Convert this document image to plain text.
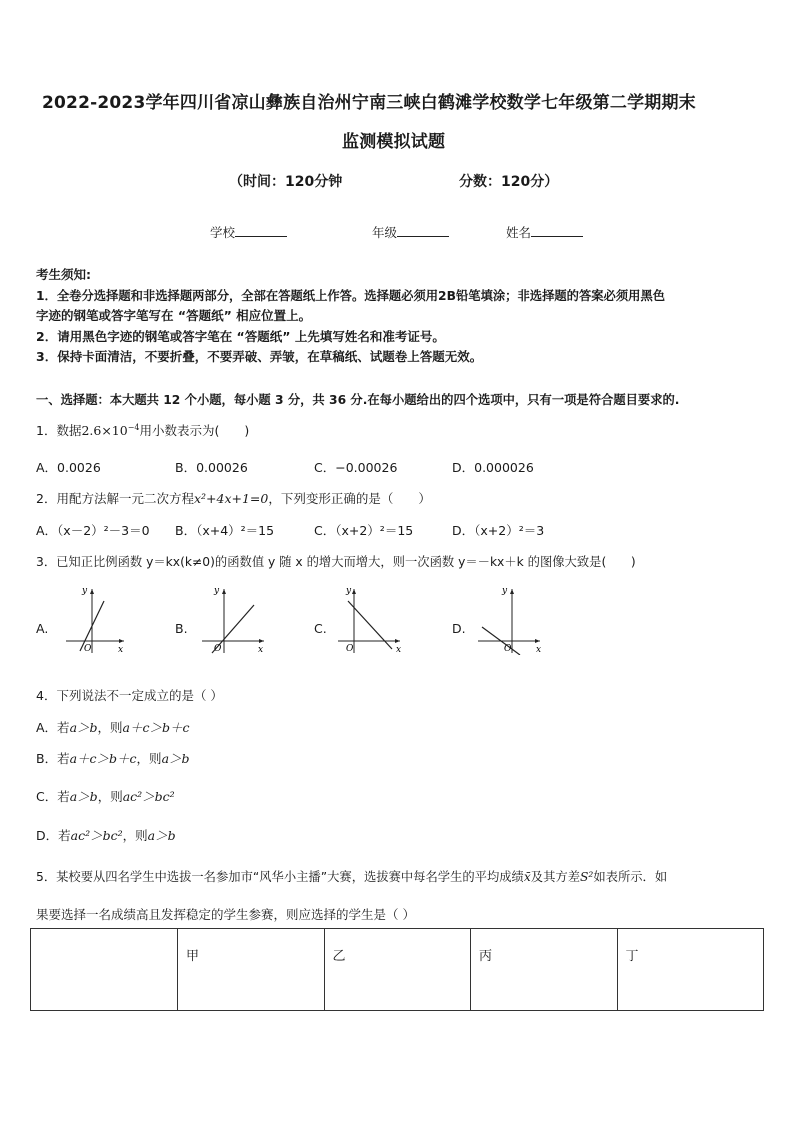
2022-2023学年四川省凉山彝族自治州宁南三峡白鹤滩学校数学七年级第二学期期末
监测模拟试题
（时间：120分钟	分数：120分）
学校	年级	姓名
考生须知:
1．全卷分选择题和非选择题两部分，全部在答题纸上作答。选择题必须用2B铅笔填涂；非选择题的答案必须用黑色
字迹的钢笔或答字笔写在 “答题纸” 相应位置上。
2．请用黑色字迹的钢笔或答字笔在 “答题纸” 上先填写姓名和准考证号。
3．保持卡面清洁，不要折叠，不要弄破、弄皱，在草稿纸、试题卷上答题无效。
一、选择题：本大题共 12 个小题，每小题 3 分，共 36 分.在每小题给出的四个选项中，只有一项是符合题目要求的.
1．数据$2.6\times 10^{-4}$用小数表示为(　　)
A．0.0026	B．0.00026	C．−0.00026	D．0.000026
2．用配方法解一元二次方程x²+4x+1=0，下列变形正确的是（　　）
A．（x－2）²－3＝0 B．（x+4）²＝15	C．（x+2）²＝15	D．（x+2）²＝3
3．已知正比例函数 y＝kx(k≠0)的函数值 y 随 x 的增大而增大，则一次函数 y＝－kx＋k 的图像大致是(　　)
A.
y
x
O
B.
y
x
O
C.
y
x
O
D.
y
x
O
4．下列说法不一定成立的是（ ）
A．若a＞b，则a＋c＞b＋c
B．若a＋c＞b＋c，则a＞b
C．若a＞b，则ac²＞bc²
D．若ac²＞bc²，则a＞b
5．某校要从四名学生中选拔一名参加市“风华小主播”大赛，选拔赛中每名学生的平均成绩x̄及其方差S²如表所示．如
果要选择一名成绩高且发挥稳定的学生参赛，则应选择的学生是（ ）
	甲	乙	丙	丁
